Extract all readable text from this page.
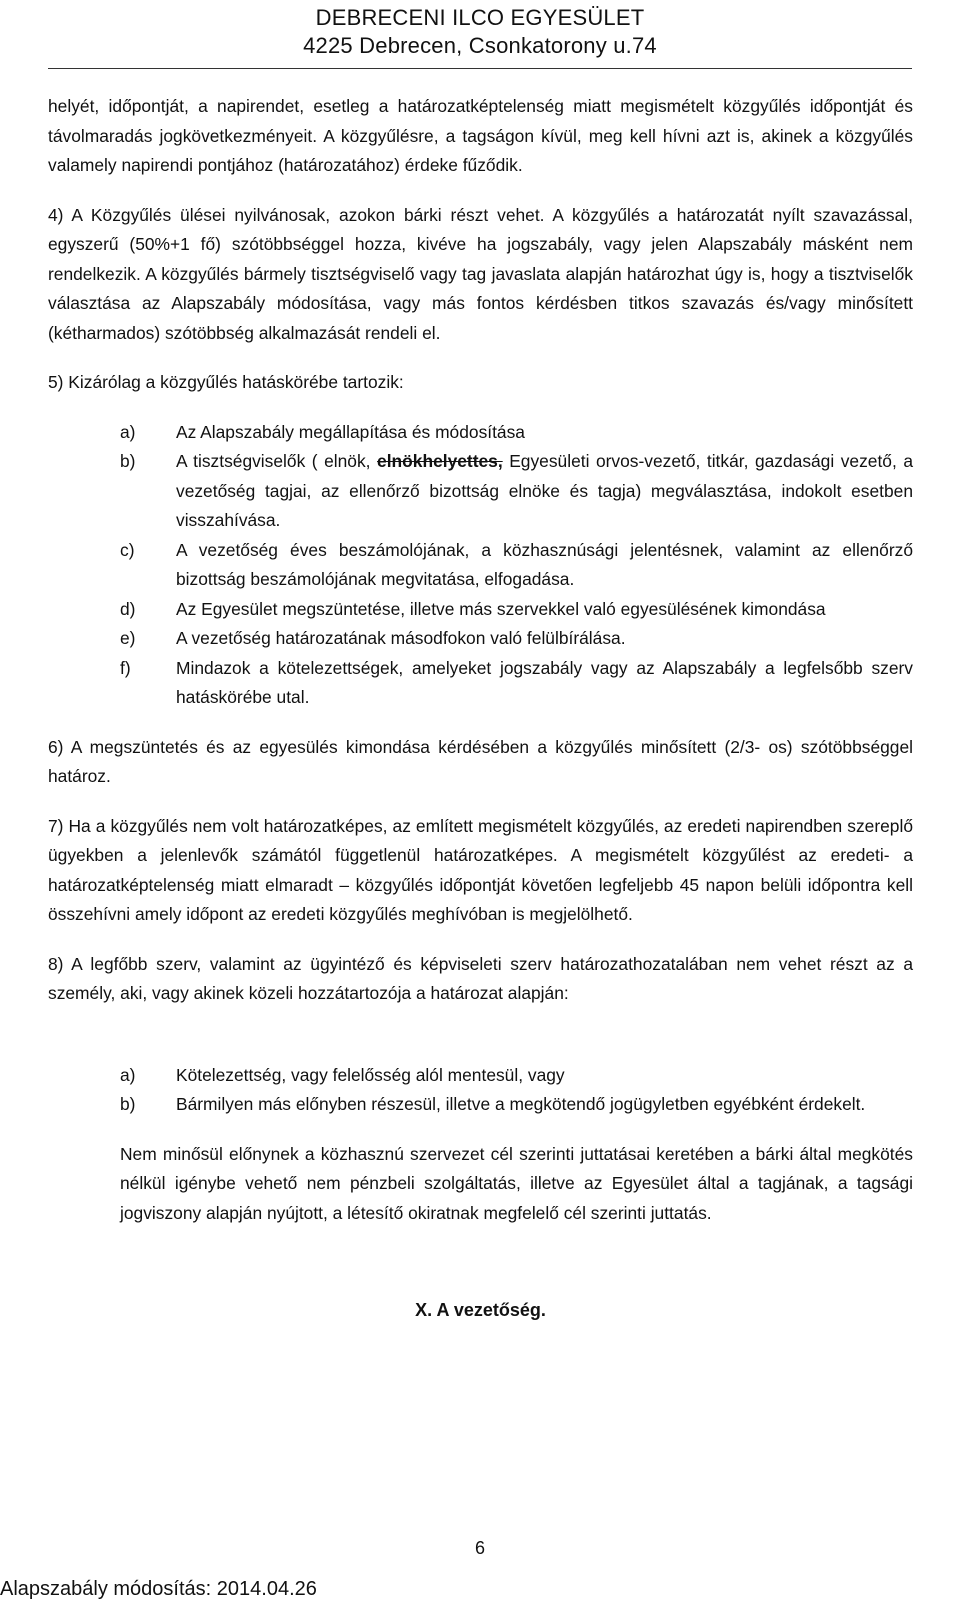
DEBRECENI ILCO EGYESÜLET
4225 Debrecen, Csonkatorony u.74

helyét, időpontját, a napirendet, esetleg a határozatképtelenség miatt megismételt közgyűlés időpontját és távolmaradás jogkövetkezményeit. A közgyűlésre, a tagságon kívül, meg kell hívni azt is, akinek a közgyűlés valamely napirendi pontjához (határozatához) érdeke fűződik.

4) A Közgyűlés ülései nyilvánosak, azokon bárki részt vehet. A közgyűlés a határozatát nyílt szavazással, egyszerű (50%+1 fő) szótöbbséggel hozza, kivéve ha jogszabály, vagy jelen Alapszabály másként nem rendelkezik. A közgyűlés bármely tisztségviselő vagy tag javaslata alapján határozhat úgy is, hogy a tisztviselők választása az Alapszabály módosítása, vagy más fontos kérdésben titkos szavazás és/vagy minősített (kétharmados) szótöbbség alkalmazását rendeli el.

5) Kizárólag a közgyűlés hatáskörébe tartozik:

a) Az Alapszabály megállapítása és módosítása
b) A tisztségviselők ( elnök, elnökhelyettes, Egyesületi orvos-vezető, titkár, gazdasági vezető, a vezetőség tagjai, az ellenőrző bizottság elnöke és tagja) megválasztása, indokolt esetben visszahívása.
c) A vezetőség éves beszámolójának, a közhasznúsági jelentésnek, valamint az ellenőrző bizottság beszámolójának megvitatása, elfogadása.
d) Az Egyesület megszüntetése, illetve más szervekkel való egyesülésének kimondása
e) A vezetőség határozatának másodfokon való felülbírálása.
f)	Mindazok a kötelezettségek, amelyeket jogszabály vagy az Alapszabály a legfelsőbb szerv hatáskörébe utal.

6) A megszüntetés és az egyesülés kimondása kérdésében a közgyűlés minősített (2/3- os) szótöbbséggel határoz.

7) Ha a közgyűlés nem volt határozatképes, az említett megismételt közgyűlés, az eredeti napirendben szereplő ügyekben a jelenlevők számától függetlenül határozatképes. A megismételt közgyűlést az eredeti- a határozatképtelenség miatt elmaradt – közgyűlés időpontját követően legfeljebb 45 napon belüli időpontra kell összehívni amely időpont az eredeti közgyűlés meghívóban is megjelölhető.

8) A legfőbb szerv, valamint az ügyintéző és képviseleti szerv határozathozatalában nem vehet részt az a személy, aki, vagy akinek közeli hozzátartozója a határozat alapján:

a) Kötelezettség, vagy felelősség alól mentesül, vagy
b) Bármilyen más előnyben részesül, illetve a megkötendő jogügyletben egyébként érdekelt.

Nem minősül előnynek a közhasznú szervezet cél szerinti juttatásai keretében a bárki által megkötés nélkül igénybe vehető nem pénzbeli szolgáltatás, illetve az Egyesület által a tagjának, a tagsági jogviszony alapján nyújtott, a létesítő okiratnak megfelelő cél szerinti juttatás.

X. A vezetőség.

6
Alapszabály módosítás: 2014.04.26
